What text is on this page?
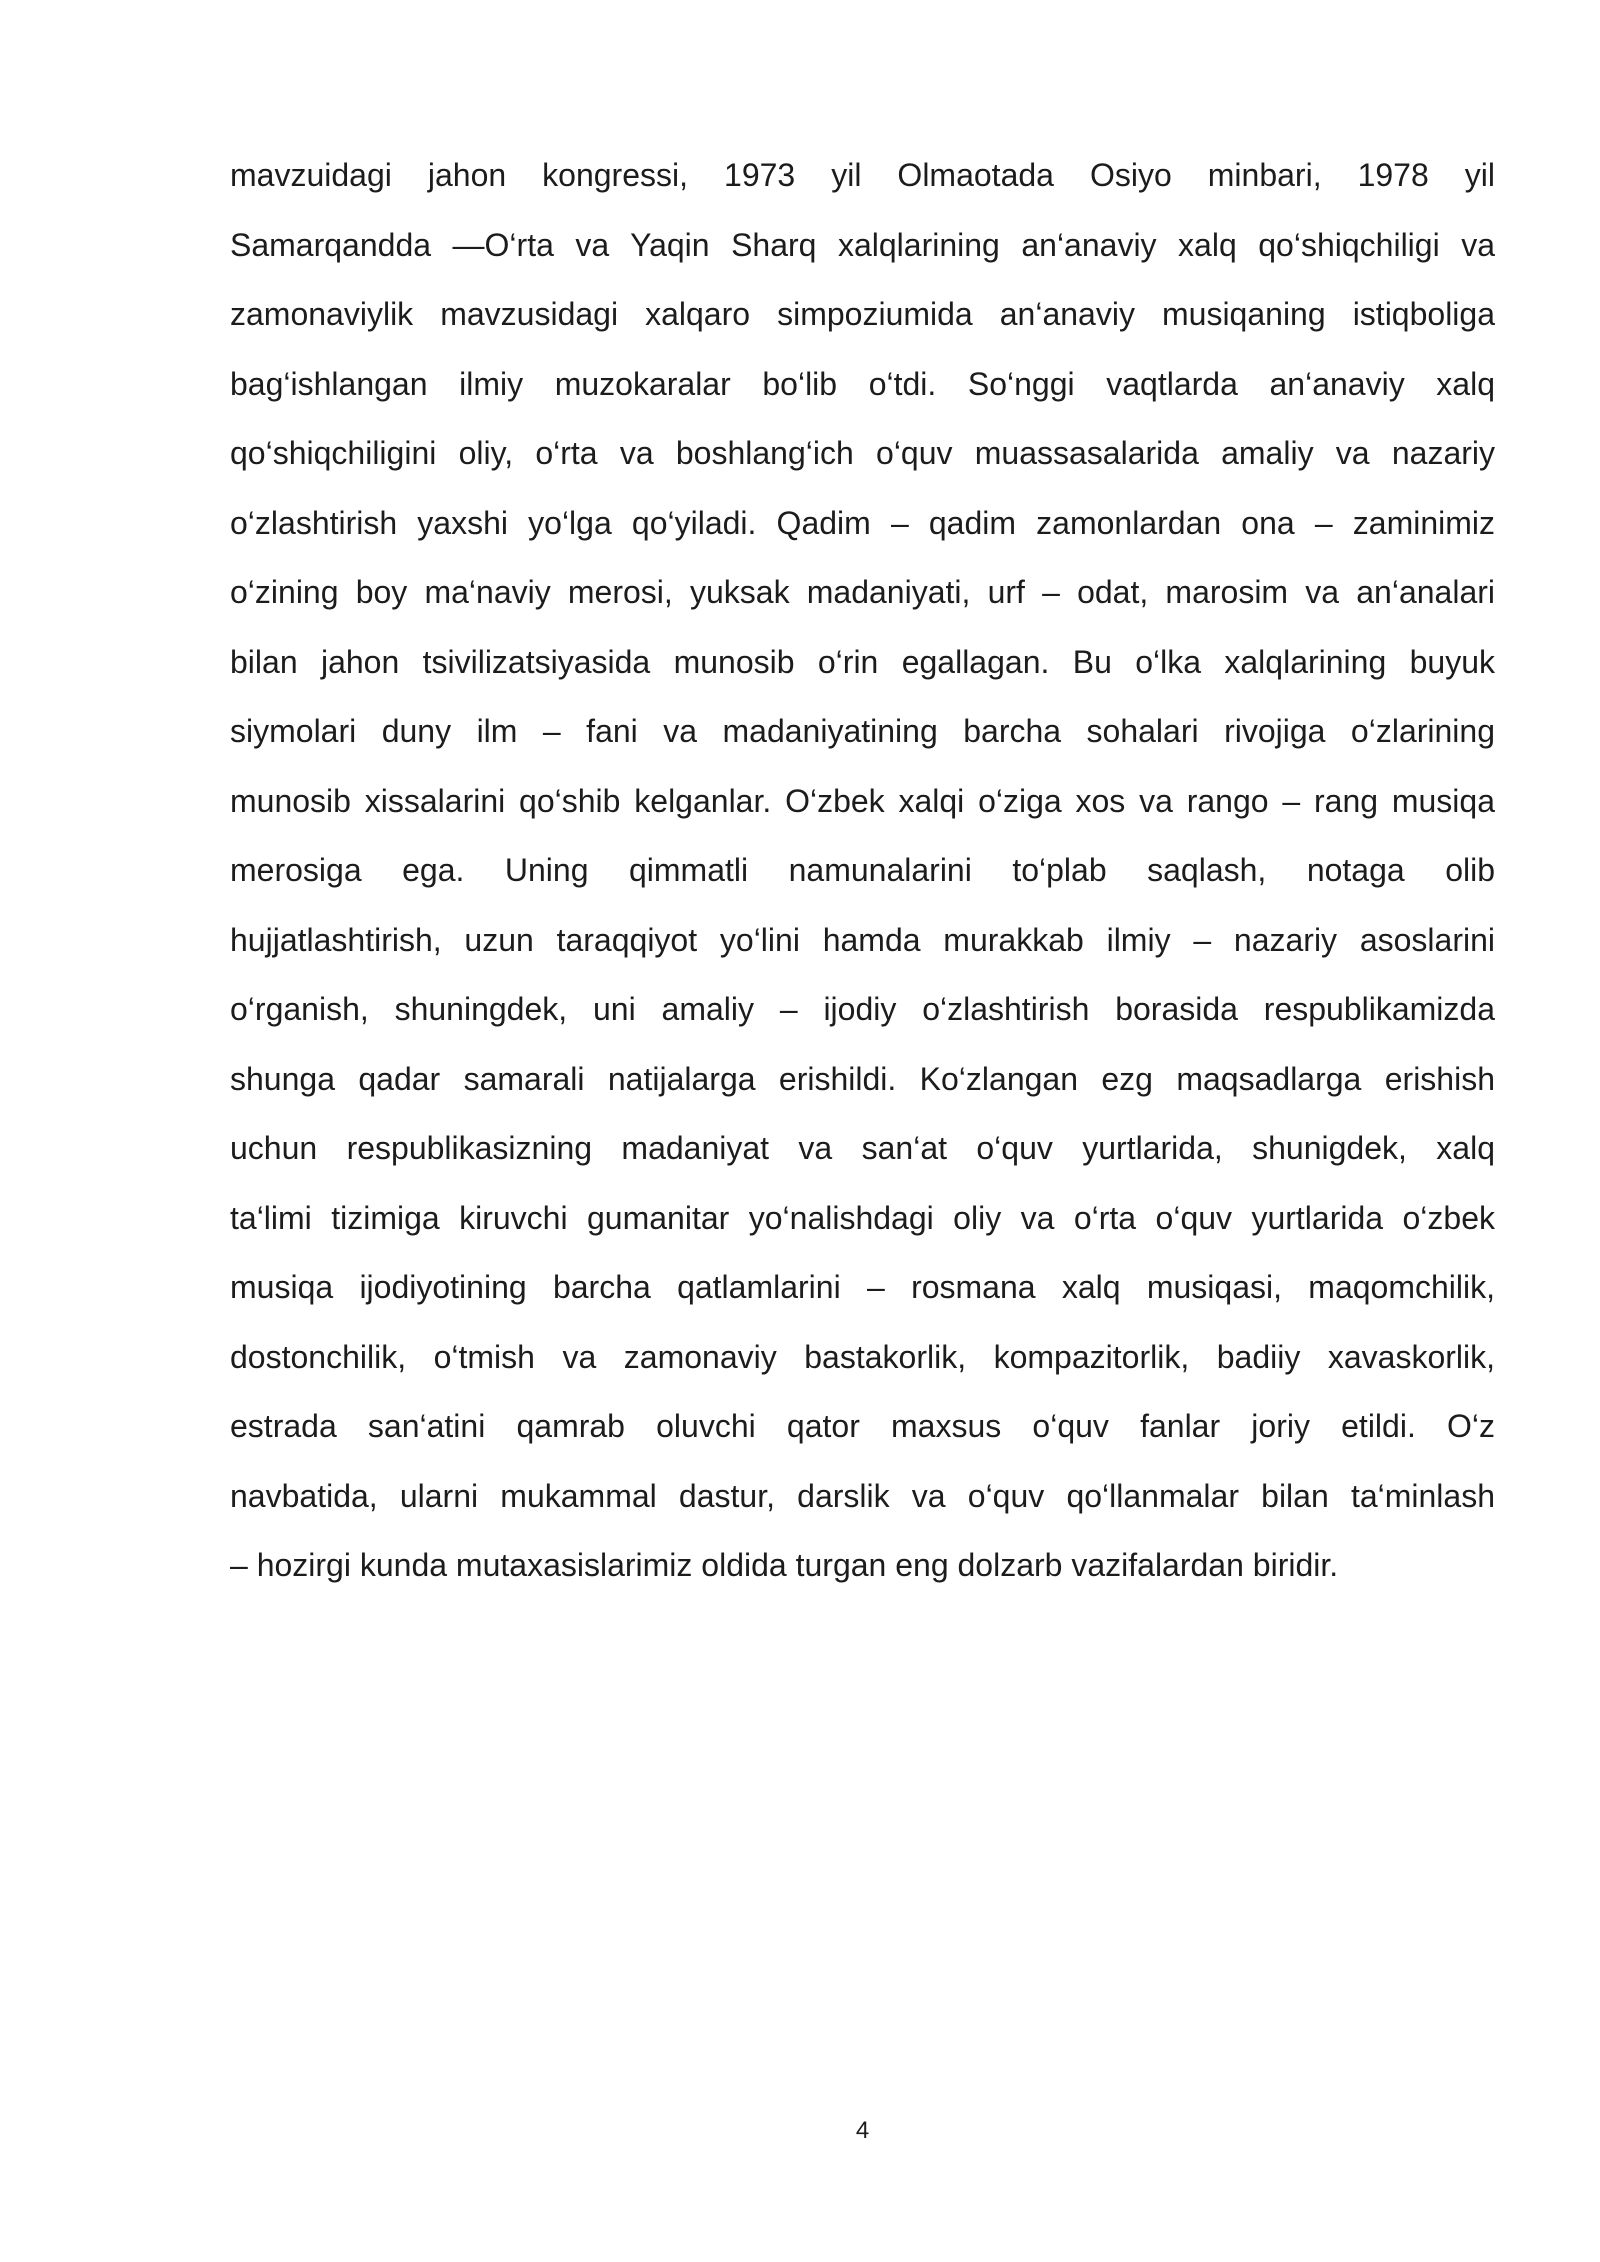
mavzuidagi jahon kongressi, 1973 yil Olmaotada Osiyo minbari, 1978 yil
Samarqandda —O‘rta va Yaqin Sharq xalqlarining an‘anaviy xalq qo‘shiqchiligi va
zamonaviylik mavzusidagi xalqaro simpoziumida an‘anaviy musiqaning istiqboliga
bag‘ishlangan ilmiy muzokaralar bo‘lib o‘tdi. So‘nggi vaqtlarda an‘anaviy xalq
qo‘shiqchiligini oliy, o‘rta va boshlang‘ich o‘quv muassasalarida amaliy va nazariy
o‘zlashtirish yaxshi yo‘lga qo‘yiladi. Qadim – qadim zamonlardan ona – zaminimiz
o‘zining boy ma‘naviy merosi, yuksak madaniyati, urf – odat, marosim va an‘analari
bilan jahon tsivilizatsiyasida munosib o‘rin egallagan. Bu o‘lka xalqlarining buyuk
siymolari duny ilm – fani va madaniyatining barcha sohalari rivojiga o‘zlarining
munosib xissalarini qo‘shib kelganlar. O‘zbek xalqi o‘ziga xos va rango – rang musiqa
merosiga ega. Uning qimmatli namunalarini to‘plab saqlash, notaga olib
hujjatlashtirish, uzun taraqqiyot yo‘lini hamda murakkab ilmiy – nazariy asoslarini
o‘rganish, shuningdek, uni amaliy – ijodiy o‘zlashtirish borasida respublikamizda
shunga qadar samarali natijalarga erishildi. Ko‘zlangan ezg maqsadlarga erishish
uchun respublikasizning madaniyat va san‘at o‘quv yurtlarida, shunigdek, xalq
ta‘limi tizimiga kiruvchi gumanitar yo‘nalishdagi oliy va o‘rta o‘quv yurtlarida o‘zbek
musiqa ijodiyotining barcha qatlamlarini – rosmana xalq musiqasi, maqomchilik,
dostonchilik, o‘tmish va zamonaviy bastakorlik, kompazitorlik, badiiy xavaskorlik,
estrada san‘atini qamrab oluvchi qator maxsus o‘quv fanlar joriy etildi. O‘z
navbatida, ularni mukammal dastur, darslik va o‘quv qo‘llanmalar bilan ta‘minlash
– hozirgi kunda mutaxasislarimiz oldida turgan eng dolzarb vazifalardan biridir.
4
